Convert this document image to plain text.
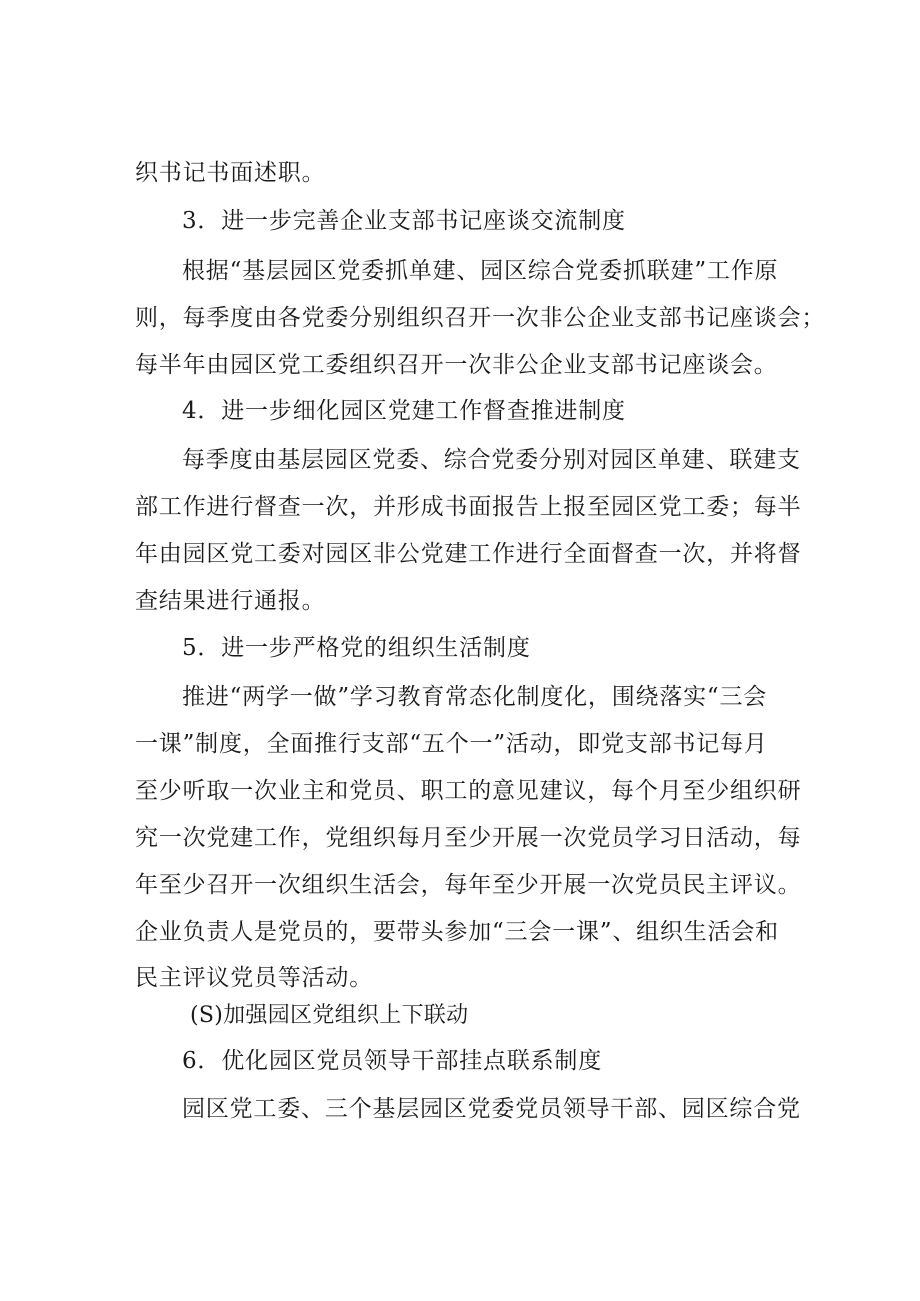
织书记书面述职。

3．进一步完善企业支部书记座谈交流制度

根据“基层园区党委抓单建、园区综合党委抓联建”工作原

则，每季度由各党委分别组织召开一次非公企业支部书记座谈会；

每半年由园区党工委组织召开一次非公企业支部书记座谈会。

4．进一步细化园区党建工作督查推进制度

每季度由基层园区党委、综合党委分别对园区单建、联建支

部工作进行督查一次，并形成书面报告上报至园区党工委；每半

年由园区党工委对园区非公党建工作进行全面督查一次，并将督

查结果进行通报。

5．进一步严格党的组织生活制度

推进“两学一做”学习教育常态化制度化，围绕落实“三会

一课”制度，全面推行支部“五个一”活动，即党支部书记每月

至少听取一次业主和党员、职工的意见建议，每个月至少组织研

究一次党建工作，党组织每月至少开展一次党员学习日活动，每

年至少召开一次组织生活会，每年至少开展一次党员民主评议。

企业负责人是党员的，要带头参加“三会一课”、组织生活会和

民主评议党员等活动。

(S)加强园区党组织上下联动

6．优化园区党员领导干部挂点联系制度

园区党工委、三个基层园区党委党员领导干部、园区综合党
